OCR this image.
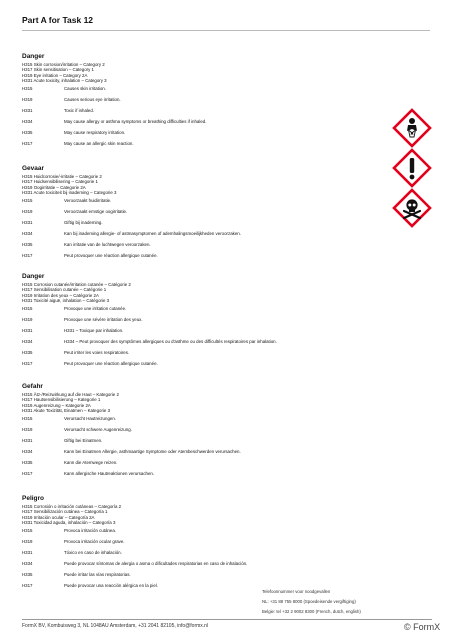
Part A for Task 12
Danger
H315 Skin corrosion/irritation – Category 2
H317 Skin sensitisation – Category 1
H319 Eye irritation – Category 2A
H331 Acute toxicity, inhalation – Category 3
H315	Causes skin irritation.
H319	Causes serious eye irritation.
H331	Toxic if inhaled.
H334	May cause allergy or asthma symptoms or breathing difficulties if inhaled.
H335	May cause respiratory irritation.
H317	May cause an allergic skin reaction.
Gevaar
H315 Huidcorrosie/-irritatie – Categorie 2
H317 Huidsensibilisering – Categorie 1
H319 Oogirritatie – Categorie 2A
H331 Acute toxiciteit bij inademing – Categorie 3
H315	Veroorzaakt huidirritatie.
H319	Veroorzaakt ernstige oogirritatie.
H331	Giftig bij inademing.
H334	Kan bij inademing allergie- of astmasymptomen of ademhalingsmoeilijkheden veroorzaken.
H335	Kan irritatie van de luchtwegen veroorzaken.
H317	Peut provoquer une réaction allergique cutanée.
Danger
H315 Corrosion cutanée/irritation cutanée – Catégorie 2
H317 Sensibilisation cutanée – Catégorie 1
H319 Irritation des yeux – Catégorie 2A
H331 Toxicité aiguë, inhalation – Catégorie 3
H315	Provoque une irritation cutanée.
H319	Provoque une sévère irritation des yeux.
H331	H331 – Toxique par inhalation.
H334	H334 – Peut provoquer des symptômes allergiques ou d'asthme ou des difficultés respiratoires par inhalation.
H335	Peut irriter les voies respiratoires.
H317	Peut provoquer une réaction allergique cutanée.
Gefahr
H315 Ätz-/Reizwirkung auf die Haut – Kategorie 2
H317 Hautsensibilisierung – Kategorie 1
H319 Augenreizung – Kategorie 2A
H331 Akute Toxizität, Einatmen – Kategorie 3
H315	Verursacht Hautreizungen.
H319	Verursacht schwere Augenreizung.
H331	Giftig bei Einatmen.
H334	Kann bei Einatmen Allergie, asthmaartige Symptome oder Atembeschwerden verursachen.
H335	Kann die Atemwege reizen.
H317	Kann allergische Hautreaktionen verursachen.
Peligro
H315 Corrosión o irritación cutáneas – Categoría 2
H317 Sensibilización cutánea – Categoría 1
H319 Irritación ocular – Categoría 2A
H331 Toxicidad aguda, inhalación – Categoría 3
H315	Provoca irritación cutánea.
H319	Provoca irritación ocular grave.
H331	Tóxico en caso de inhalación.
H334	Puede provocar síntomas de alergia o asma o dificultades respiratorias en caso de inhalación.
H335	Puede irritar las vías respiratorias.
H317	Puede provocar una reacción alérgica en la piel.
Telefoonnummer voor noodgevallen
NL: +31 88 755 8000 (Spoedeisende vergiftiging)
Belgie: tel +32 2 9002 8300 (French, dutch, english)
FormX BV, Kombuisweg 3, NL 1048AU Amsterdam, +31 2041 82105, info@formx.nl	© FormX
